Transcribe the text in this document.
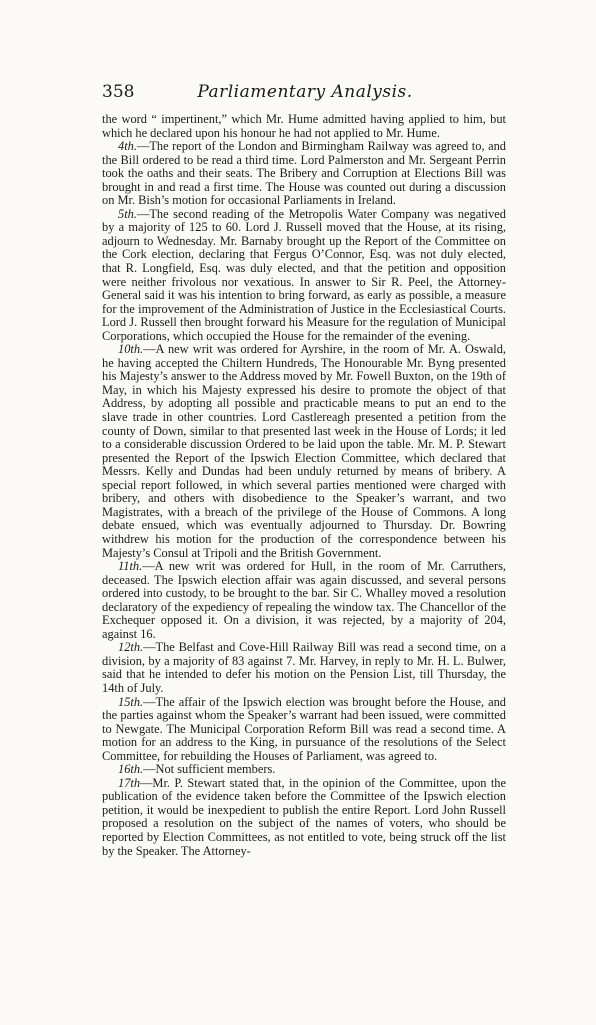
358	Parliamentary Analysis.

the word “ impertinent,” which Mr. Hume admitted having applied to him, but which he declared upon his honour he had not applied to Mr. Hume.

4th.—The report of the London and Birmingham Railway was agreed to, and the Bill ordered to be read a third time. Lord Palmerston and Mr. Sergeant Perrin took the oaths and their seats. The Bribery and Corruption at Elections Bill was brought in and read a first time. The House was counted out during a discussion on Mr. Bish’s motion for occasional Parliaments in Ireland.

5th.—The second reading of the Metropolis Water Company was negatived by a majority of 125 to 60. Lord J. Russell moved that the House, at its rising, adjourn to Wednesday. Mr. Barnaby brought up the Report of the Committee on the Cork election, declaring that Fergus O’Connor, Esq. was not duly elected, that R. Longfield, Esq. was duly elected, and that the petition and opposition were neither frivolous nor vexatious. In answer to Sir R. Peel, the Attorney-General said it was his intention to bring forward, as early as possible, a measure for the improvement of the Administration of Justice in the Ecclesiastical Courts. Lord J. Russell then brought forward his Measure for the regulation of Municipal Corporations, which occupied the House for the remainder of the evening.

10th.—A new writ was ordered for Ayrshire, in the room of Mr. A. Oswald, he having accepted the Chiltern Hundreds, The Honourable Mr. Byng presented his Majesty’s answer to the Address moved by Mr. Fowell Buxton, on the 19th of May, in which his Majesty expressed his desire to promote the object of that Address, by adopting all possible and practicable means to put an end to the slave trade in other countries. Lord Castlereagh presented a petition from the county of Down, similar to that presented last week in the House of Lords; it led to a considerable discussion Ordered to be laid upon the table. Mr. M. P. Stewart presented the Report of the Ipswich Election Committee, which declared that Messrs. Kelly and Dundas had been unduly returned by means of bribery. A special report followed, in which several parties mentioned were charged with bribery, and others with disobedience to the Speaker’s warrant, and two Magistrates, with a breach of the privilege of the House of Commons. A long debate ensued, which was eventually adjourned to Thursday. Dr. Bowring withdrew his motion for the production of the correspondence between his Majesty’s Consul at Tripoli and the British Government.

11th.—A new writ was ordered for Hull, in the room of Mr. Carruthers, deceased. The Ipswich election affair was again discussed, and several persons ordered into custody, to be brought to the bar. Sir C. Whalley moved a resolution declaratory of the expediency of repealing the window tax. The Chancellor of the Exchequer opposed it. On a division, it was rejected, by a majority of 204, against 16.

12th.—The Belfast and Cove-Hill Railway Bill was read a second time, on a division, by a majority of 83 against 7. Mr. Harvey, in reply to Mr. H. L. Bulwer, said that he intended to defer his motion on the Pension List, till Thursday, the 14th of July.

15th.—The affair of the Ipswich election was brought before the House, and the parties against whom the Speaker’s warrant had been issued, were committed to Newgate. The Municipal Corporation Reform Bill was read a second time. A motion for an address to the King, in pursuance of the resolutions of the Select Committee, for rebuilding the Houses of Parliament, was agreed to.

16th.—Not sufficient members.

17th—Mr. P. Stewart stated that, in the opinion of the Committee, upon the publication of the evidence taken before the Committee of the Ipswich election petition, it would be inexpedient to publish the entire Report. Lord John Russell proposed a resolution on the subject of the names of voters, who should be reported by Election Committees, as not entitled to vote, being struck off the list by the Speaker. The Attorney-
